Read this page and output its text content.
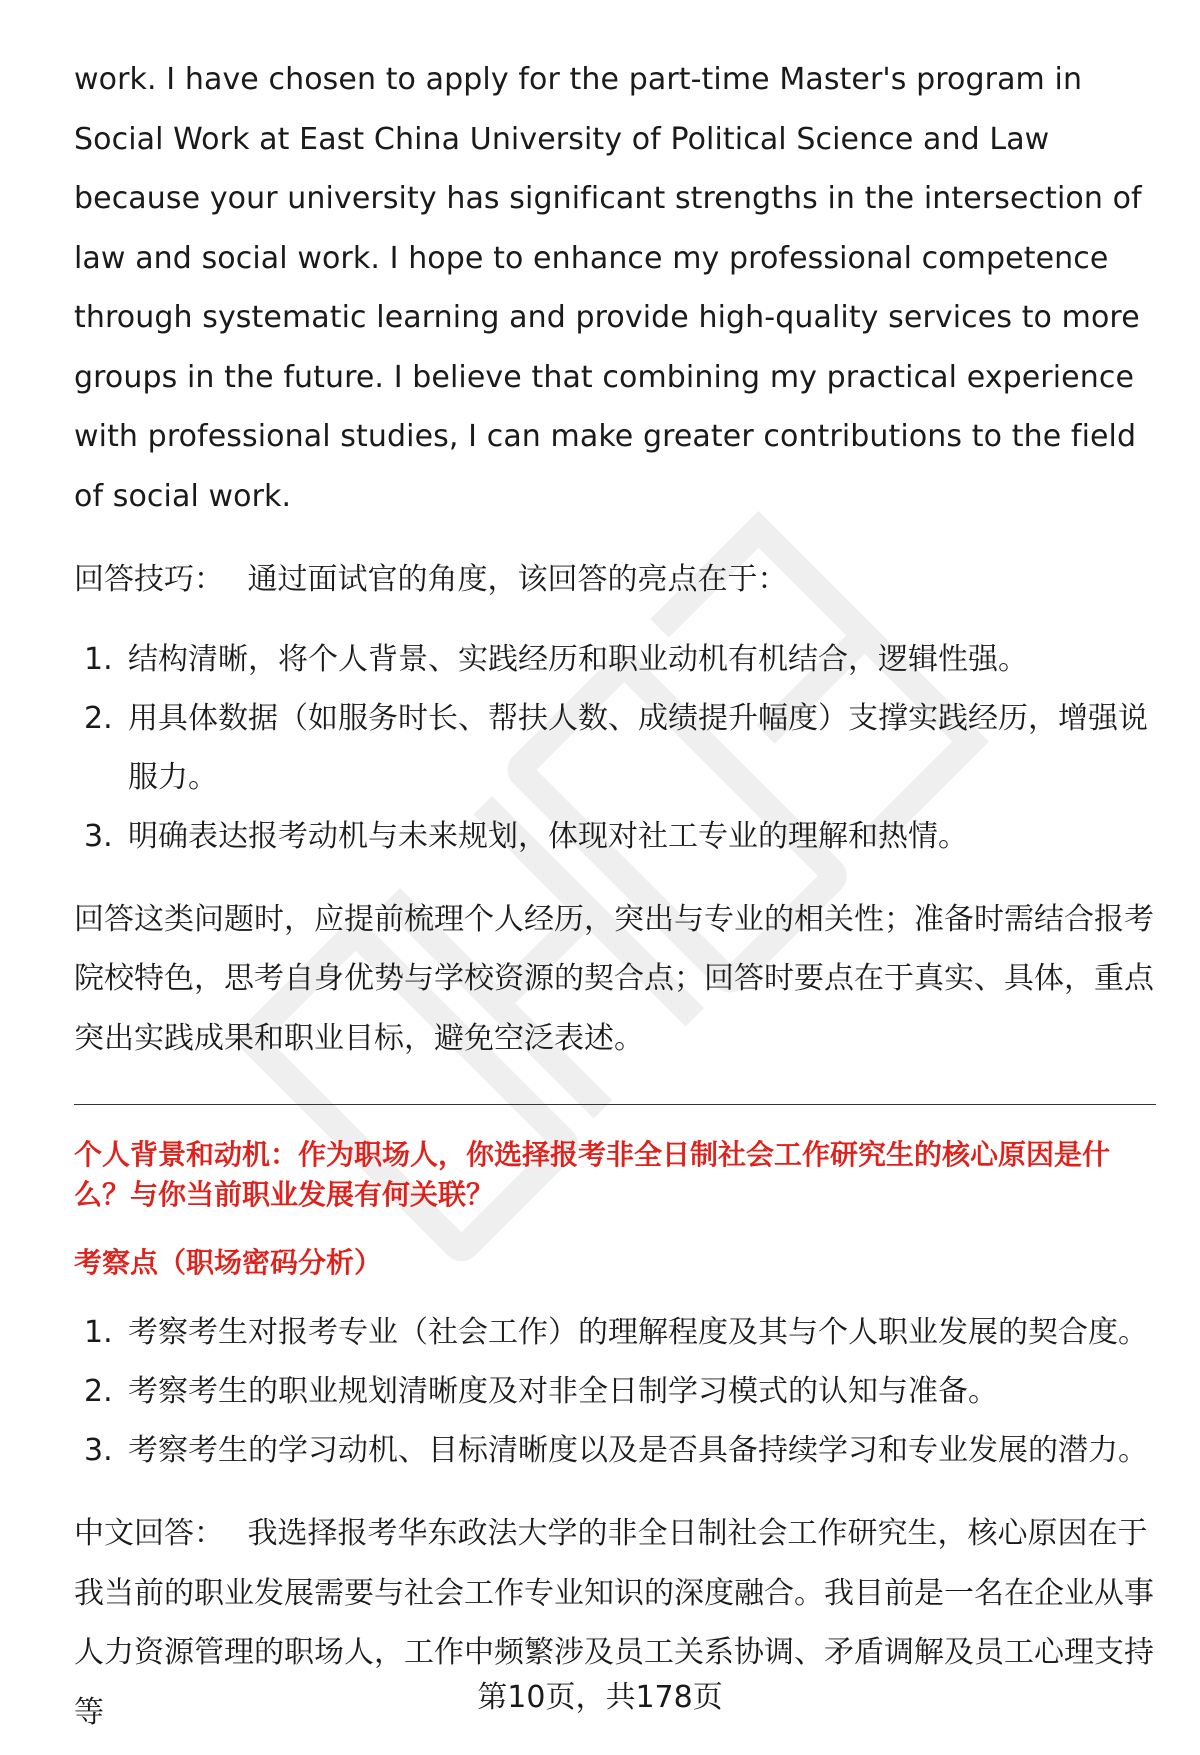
work. I have chosen to apply for the part-time Master's program in Social Work at East China University of Political Science and Law because your university has significant strengths in the intersection of law and social work. I hope to enhance my professional competence through systematic learning and provide high-quality services to more groups in the future. I believe that combining my practical experience with professional studies, I can make greater contributions to the field of social work.

回答技巧： 通过面试官的角度，该回答的亮点在于：

1. 结构清晰，将个人背景、实践经历和职业动机有机结合，逻辑性强。
2. 用具体数据（如服务时长、帮扶人数、成绩提升幅度）支撑实践经历，增强说服力。
3. 明确表达报考动机与未来规划，体现对社工专业的理解和热情。

回答这类问题时，应提前梳理个人经历，突出与专业的相关性；准备时需结合报考院校特色，思考自身优势与学校资源的契合点；回答时要点在于真实、具体，重点突出实践成果和职业目标，避免空泛表述。

个人背景和动机：作为职场人，你选择报考非全日制社会工作研究生的核心原因是什么？与你当前职业发展有何关联？

考察点（职场密码分析）

1. 考察考生对报考专业（社会工作）的理解程度及其与个人职业发展的契合度。
2. 考察考生的职业规划清晰度及对非全日制学习模式的认知与准备。
3. 考察考生的学习动机、目标清晰度以及是否具备持续学习和专业发展的潜力。

中文回答： 我选择报考华东政法大学的非全日制社会工作研究生，核心原因在于我当前的职业发展需要与社会工作专业知识的深度融合。我目前是一名在企业从事人力资源管理的职场人，工作中频繁涉及员工关系协调、矛盾调解及员工心理支持等	第10页，共178页
